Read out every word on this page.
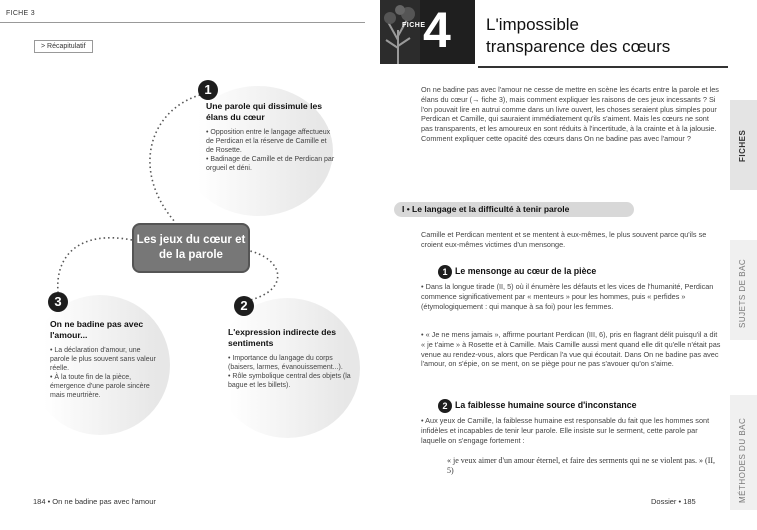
FICHE 3
> Récapitulatif
1
Une parole qui dissimule les élans du cœur
• Opposition entre le langage affectueux de Perdican et la réserve de Camille et de Rosette.
• Badinage de Camille et de Perdican par orgueil et déni.
Les jeux du cœur et de la parole
3
On ne badine pas avec l'amour...
• La déclaration d'amour, une parole le plus souvent sans valeur réelle.
• À la toute fin de la pièce, émergence d'une parole sincère mais meurtrière.
2
L'expression indirecte des sentiments
• Importance du langage du corps (baisers, larmes, évanouissement...).
• Rôle symbolique central des objets (la bague et les billets).
184 • On ne badine pas avec l'amour
FICHE
4 L'impossible
transparence des cœurs
On ne badine pas avec l'amour ne cesse de mettre en scène les écarts entre la parole et les élans du cœur (→ fiche 3), mais comment expliquer les raisons de ces jeux incessants ? Si l'on pouvait lire en autrui comme dans un livre ouvert, les choses seraient plus simples pour Perdican et Camille, qui sauraient immédiatement qu'ils s'aiment. Mais les cœurs ne sont pas transparents, et les amoureux en sont réduits à l'incertitude, à la crainte et à la jalousie. Comment expliquer cette opacité des cœurs dans On ne badine pas avec l'amour ?
I • Le langage et la difficulté à tenir parole
Camille et Perdican mentent et se mentent à eux-mêmes, le plus souvent parce qu'ils se croient eux-mêmes victimes d'un mensonge.
1 Le mensonge au cœur de la pièce
• Dans la longue tirade (II, 5) où il énumère les défauts et les vices de l'humanité, Perdican commence significativement par « menteurs » pour les hommes, puis « perfides » (étymologiquement : qui manque à sa foi) pour les femmes.
• « Je ne mens jamais », affirme pourtant Perdican (III, 6), pris en flagrant délit puisqu'il a dit « je t'aime » à Rosette et à Camille. Mais Camille aussi ment quand elle dit qu'elle n'était pas venue au rendez-vous, alors que Perdican l'a vue qui écoutait. Dans On ne badine pas avec l'amour, on s'épie, on se ment, on se piège pour ne pas s'avouer qu'on s'aime.
2 La faiblesse humaine source d'inconstance
• Aux yeux de Camille, la faiblesse humaine est responsable du fait que les hommes sont infidèles et incapables de tenir leur parole. Elle insiste sur le serment, cette parole par laquelle on s'engage fortement :
« je veux aimer d'un amour éternel, et faire des serments qui ne se violent pas. » (II, 5)
Dossier • 185
FICHES
SUJETS DE BAC
MÉTHODES DU BAC
